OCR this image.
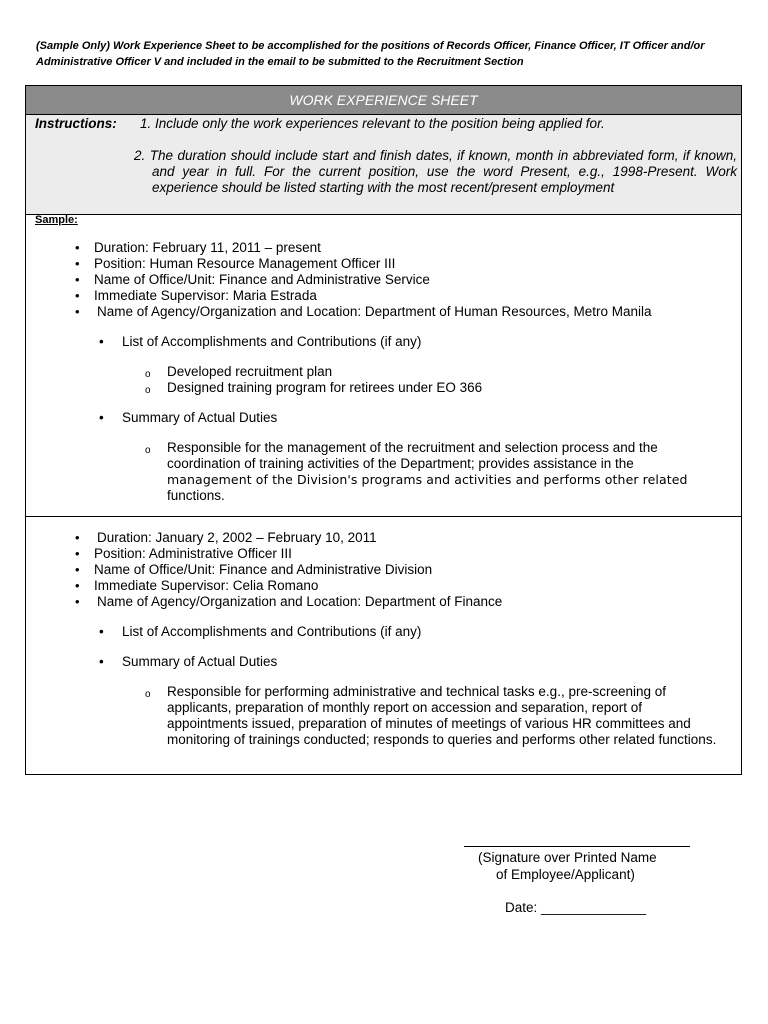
(Sample Only) Work Experience Sheet to be accomplished for the positions of Records Officer, Finance Officer, IT Officer and/or Administrative Officer V and included in the email to be submitted to the Recruitment Section
WORK EXPERIENCE SHEET
Instructions: 1. Include only the work experiences relevant to the position being applied for.
2. The duration should include start and finish dates, if known, month in abbreviated form, if known, and year in full. For the current position, use the word Present, e.g., 1998-Present. Work experience should be listed starting with the most recent/present employment
Sample:
• Duration: February 11, 2011 – present
• Position: Human Resource Management Officer III
• Name of Office/Unit: Finance and Administrative Service
• Immediate Supervisor: Maria Estrada
• Name of Agency/Organization and Location: Department of Human Resources, Metro Manila
• List of Accomplishments and Contributions (if any)
o Developed recruitment plan
o Designed training program for retirees under EO 366
• Summary of Actual Duties
o Responsible for the management of the recruitment and selection process and the coordination of training activities of the Department; provides assistance in the
management of the Division's programs and activities and performs other related
functions.
• Duration: January 2, 2002 – February 10, 2011
• Position: Administrative Officer III
• Name of Office/Unit: Finance and Administrative Division
• Immediate Supervisor: Celia Romano
• Name of Agency/Organization and Location: Department of Finance
• List of Accomplishments and Contributions (if any)
• Summary of Actual Duties
o Responsible for performing administrative and technical tasks e.g., pre-screening of applicants, preparation of monthly report on accession and separation, report of appointments issued, preparation of minutes of meetings of various HR committees and monitoring of trainings conducted; responds to queries and performs other related functions.
(Signature over Printed Name
of Employee/Applicant)
Date: ______________
